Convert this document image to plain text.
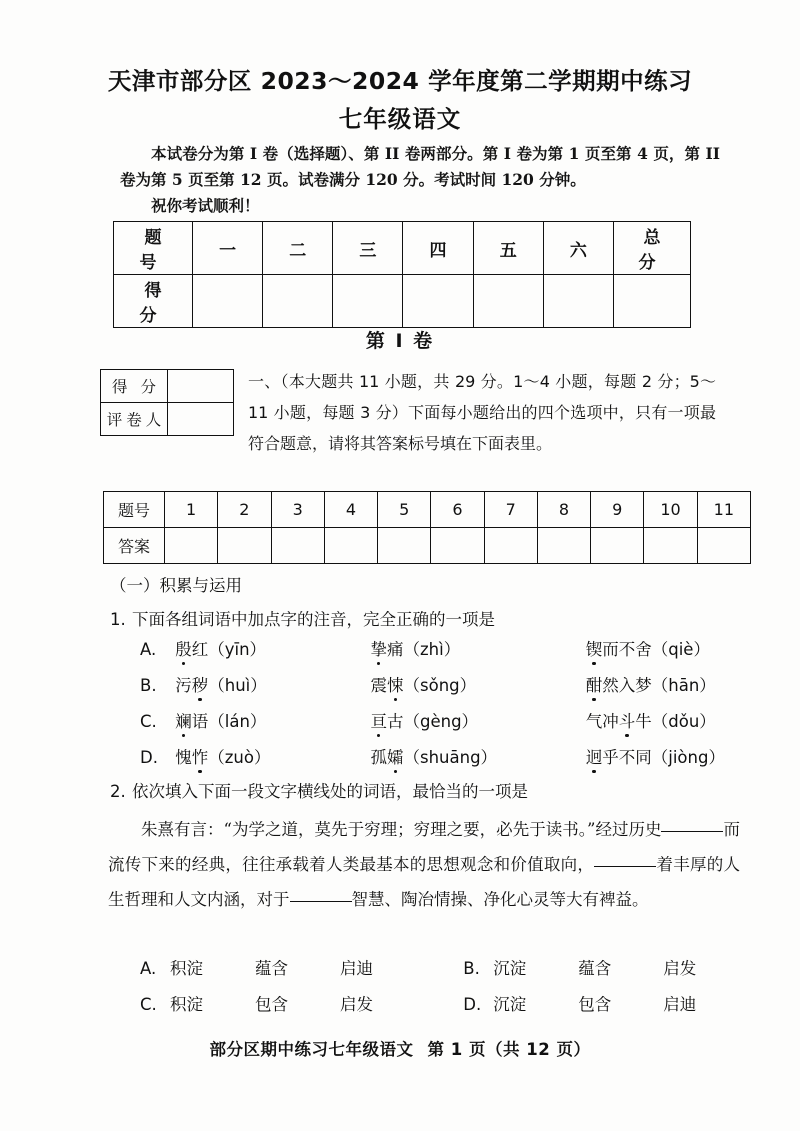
天津市部分区 2023～2024 学年度第二学期期中练习
七年级语文
本试卷分为第 I 卷（选择题）、第 II 卷两部分。第 I 卷为第 1 页至第 4 页，第 II 卷为第 5 页至第 12 页。试卷满分 120 分。考试时间 120 分钟。
祝你考试顺利！
题 号	一	二	三	四	五	六	总 分
得 分							
第 I 卷
得 分	
评卷人	
一、（本大题共 11 小题，共 29 分。1～4 小题，每题 2 分；5～11 小题，每题 3 分）下面每小题给出的四个选项中，只有一项最符合题意，请将其答案标号填在下面表里。
题号	1	2	3	4	5	6	7	8	9	10	11
答案											
（一）积累与运用
1. 下面各组词语中加点字的注音，完全正确的一项是
A. 殷红（yīn）	挚痛（zhì）	锲而不舍（qiè）
B. 污秽（huì）	震悚（sǒng）	酣然入梦（hān）
C. 斓语（lán）	亘古（gèng）	气冲斗牛（dǒu）
D. 愧怍（zuò）	孤孀（shuāng）	迥乎不同（jiòng）
2. 依次填入下面一段文字横线处的词语，最恰当的一项是
朱熹有言：“为学之道，莫先于穷理；穷理之要，必先于读书。”经过历史	而流传下来的经典，往往承载着人类最基本的思想观念和价值取向，	着丰厚的人生哲理和人文内涵，对于	智慧、陶冶情操、净化心灵等大有裨益。
A. 积淀	蕴含	启迪	B. 沉淀	蕴含	启发
C. 积淀	包含	启发	D. 沉淀	包含	启迪
部分区期中练习七年级语文 第 1 页（共 12 页）
